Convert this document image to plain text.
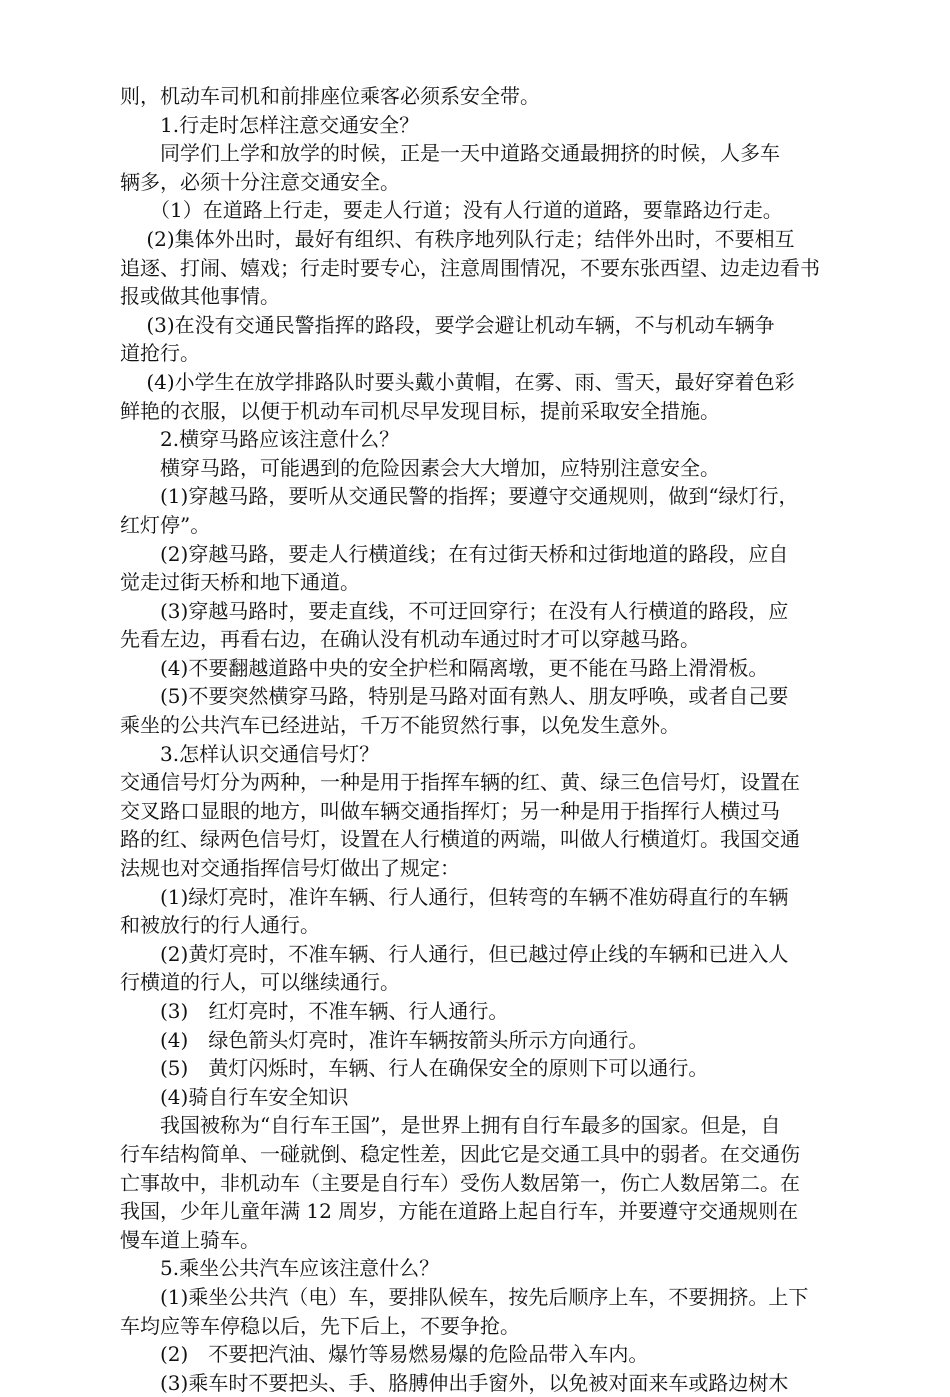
则，机动车司机和前排座位乘客必须系安全带。
　　1.行走时怎样注意交通安全？
　　同学们上学和放学的时候，正是一天中道路交通最拥挤的时候，人多车
辆多，必须十分注意交通安全。
　　（1）在道路上行走，要走人行道；没有人行道的道路，要靠路边行走。
　 (2)集体外出时，最好有组织、有秩序地列队行走；结伴外出时，不要相互
追逐、打闹、嬉戏；行走时要专心，注意周围情况，不要东张西望、边走边看书
报或做其他事情。
　 (3)在没有交通民警指挥的路段，要学会避让机动车辆，不与机动车辆争
道抢行。
　 (4)小学生在放学排路队时要头戴小黄帽，在雾、雨、雪天，最好穿着色彩
鲜艳的衣服，以便于机动车司机尽早发现目标，提前采取安全措施。
　　2.横穿马路应该注意什么？
　　横穿马路，可能遇到的危险因素会大大增加，应特别注意安全。
　　(1)穿越马路，要听从交通民警的指挥；要遵守交通规则，做到“绿灯行，
红灯停”。
　　(2)穿越马路，要走人行横道线；在有过街天桥和过街地道的路段，应自
觉走过街天桥和地下通道。
　　(3)穿越马路时，要走直线，不可迂回穿行；在没有人行横道的路段，应
先看左边，再看右边，在确认没有机动车通过时才可以穿越马路。
　　(4)不要翻越道路中央的安全护栏和隔离墩，更不能在马路上滑滑板。
　　(5)不要突然横穿马路，特别是马路对面有熟人、朋友呼唤，或者自己要
乘坐的公共汽车已经进站，千万不能贸然行事，以免发生意外。
　　3.怎样认识交通信号灯？
交通信号灯分为两种，一种是用于指挥车辆的红、黄、绿三色信号灯，设置在
交叉路口显眼的地方，叫做车辆交通指挥灯；另一种是用于指挥行人横过马
路的红、绿两色信号灯，设置在人行横道的两端，叫做人行横道灯。我国交通
法规也对交通指挥信号灯做出了规定：
　　(1)绿灯亮时，准许车辆、行人通行，但转弯的车辆不准妨碍直行的车辆
和被放行的行人通行。
　　(2)黄灯亮时，不准车辆、行人通行，但已越过停止线的车辆和已进入人
行横道的行人，可以继续通行。
　　(3)　红灯亮时，不准车辆、行人通行。
　　(4)　绿色箭头灯亮时，准许车辆按箭头所示方向通行。
　　(5)　黄灯闪烁时，车辆、行人在确保安全的原则下可以通行。
　　(4)骑自行车安全知识
　　我国被称为“自行车王国”，是世界上拥有自行车最多的国家。但是，自
行车结构简单、一碰就倒、稳定性差，因此它是交通工具中的弱者。在交通伤
亡事故中，非机动车（主要是自行车）受伤人数居第一，伤亡人数居第二。在
我国，少年儿童年满 12 周岁，方能在道路上起自行车，并要遵守交通规则在
慢车道上骑车。
　　5.乘坐公共汽车应该注意什么？
　　(1)乘坐公共汽（电）车，要排队候车，按先后顺序上车，不要拥挤。上下
车均应等车停稳以后，先下后上，不要争抢。
　　(2)　不要把汽油、爆竹等易燃易爆的危险品带入车内。
　　(3)乘车时不要把头、手、胳膊伸出手窗外，以免被对面来车或路边树木
